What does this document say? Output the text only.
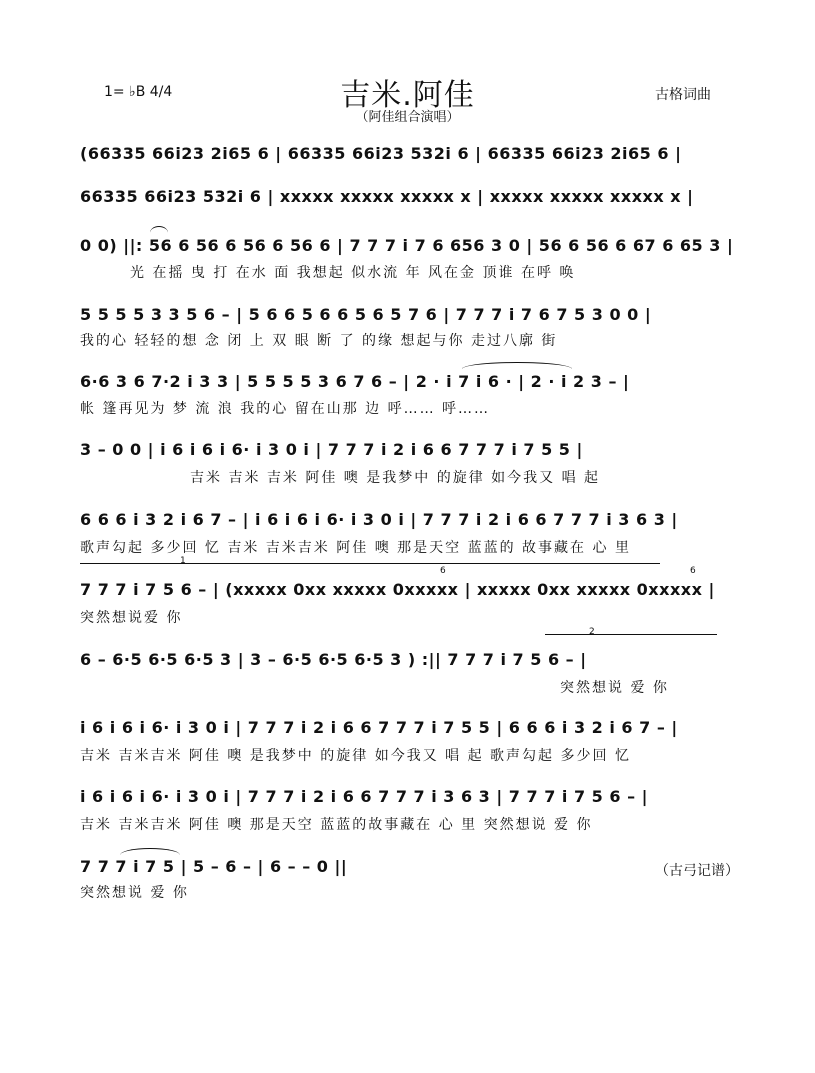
1= ♭B 4/4	吉米.阿佳	古格词曲
（阿佳组合演唱）
(66335 66i23 2i65 6 | 66335 66i23 532i 6 | 66335 66i23 2i65 6 |
66335 66i23 532i 6 | xxxxx xxxxx xxxxx x | xxxxx xxxxx xxxxx x |
0 0) ||: 56 6 56 6 56 6 56 6 | 7 7 7 i 7 6 656 3 0 | 56 6 56 6 67 6 65 3 |
光 在摇 曳 打 在水 面 我想起 似水流 年 风在金 顶谁 在呼 唤
5 5 5 5 3 3 5 6 – | 5 6 6 5 6 6 5 6 5 7 6 | 7 7 7 i 7 6 7 5 3 0 0 |
我的心 轻轻的想 念 闭 上 双 眼 断 了 的缘 想起与你 走过八廓 街
6·6 3 6 7·2 i 3 3 | 5 5 5 5 3 6 7 6 – | 2 · i 7 i 6 · | 2 · i 2 3 – |
帐 篷再见为 梦 流 浪 我的心 留在山那 边 呼…… 呼……
3 – 0 0 | i 6 i 6 i 6· i 3 0 i | 7 7 7 i 2 i 6 6 7 7 7 i 7 5 5 |
吉米 吉米 吉米 阿佳 噢 是我梦中 的旋律 如今我又 唱 起
6 6 6 i 3 2 i 6 7 – | i 6 i 6 i 6· i 3 0 i | 7 7 7 i 2 i 6 6 7 7 7 i 3 6 3 |
歌声勾起 多少回 忆 吉米 吉米吉米 阿佳 噢 那是天空 蓝蓝的 故事藏在 心 里
1
6	6
7 7 7 i 7 5 6 – | (xxxxx 0xx xxxxx 0xxxxx | xxxxx 0xx xxxxx 0xxxxx |
突然想说爱 你
2
6 – 6·5 6·5 6·5 3 | 3 – 6·5 6·5 6·5 3 ) :|| 7 7 7 i 7 5 6 – |
突然想说 爱 你
i 6 i 6 i 6· i 3 0 i | 7 7 7 i 2 i 6 6 7 7 7 i 7 5 5 | 6 6 6 i 3 2 i 6 7 – |
吉米 吉米吉米 阿佳 噢 是我梦中 的旋律 如今我又 唱 起 歌声勾起 多少回 忆
i 6 i 6 i 6· i 3 0 i | 7 7 7 i 2 i 6 6 7 7 7 i 3 6 3 | 7 7 7 i 7 5 6 – |
吉米 吉米吉米 阿佳 噢 那是天空 蓝蓝的故事藏在 心 里 突然想说 爱 你
7 7 7 i 7 5 | 5 – 6 – | 6 – – 0 ||
突然想说 爱 你
（古弓记谱）
